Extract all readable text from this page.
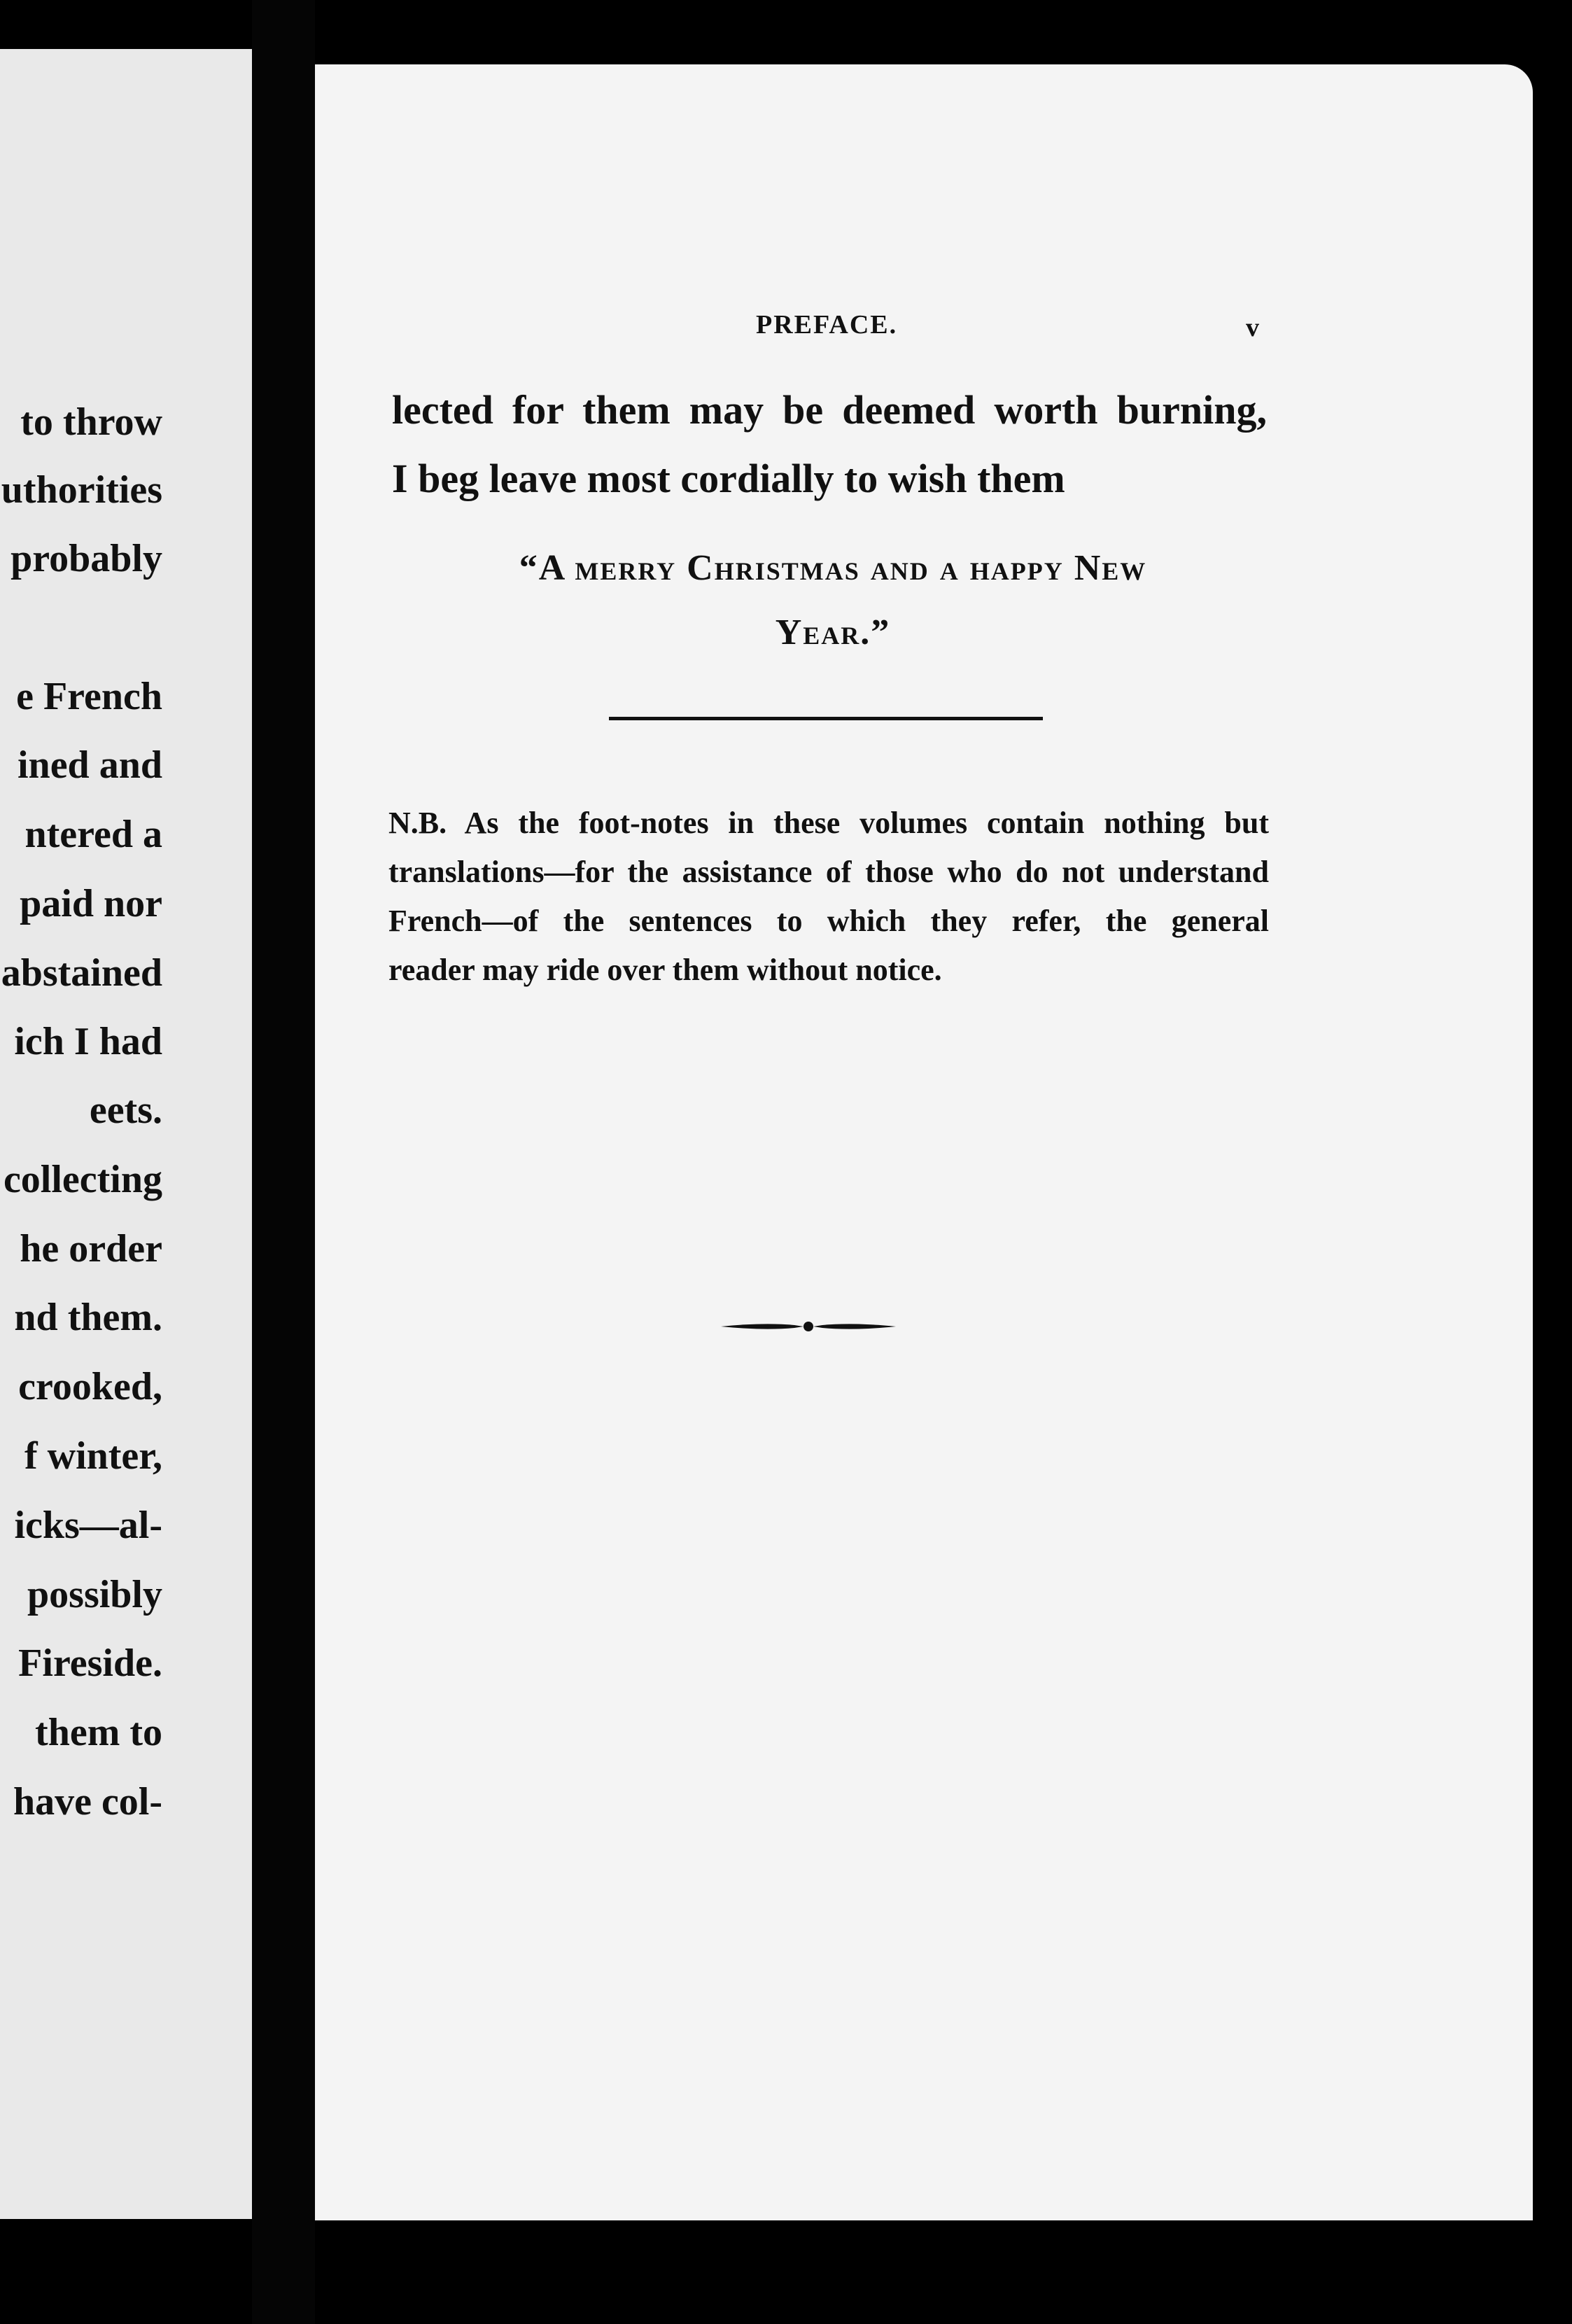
to throw
uthorities
probably
e French
ined and
ntered a
paid nor
abstained
ich I had
eets.
collecting
he order
nd them.
crooked,
f winter,
icks—al-
possibly
Fireside.
them to
have col-
PREFACE.	v
lected for them may be deemed worth burning,
I beg leave most cordially to wish them
“A merry Christmas and a happy New
Year.”
N.B. As the foot-notes in these volumes contain nothing but
translations—for the assistance of those who do not understand
French—of the sentences to which they refer, the general
reader may ride over them without notice.
